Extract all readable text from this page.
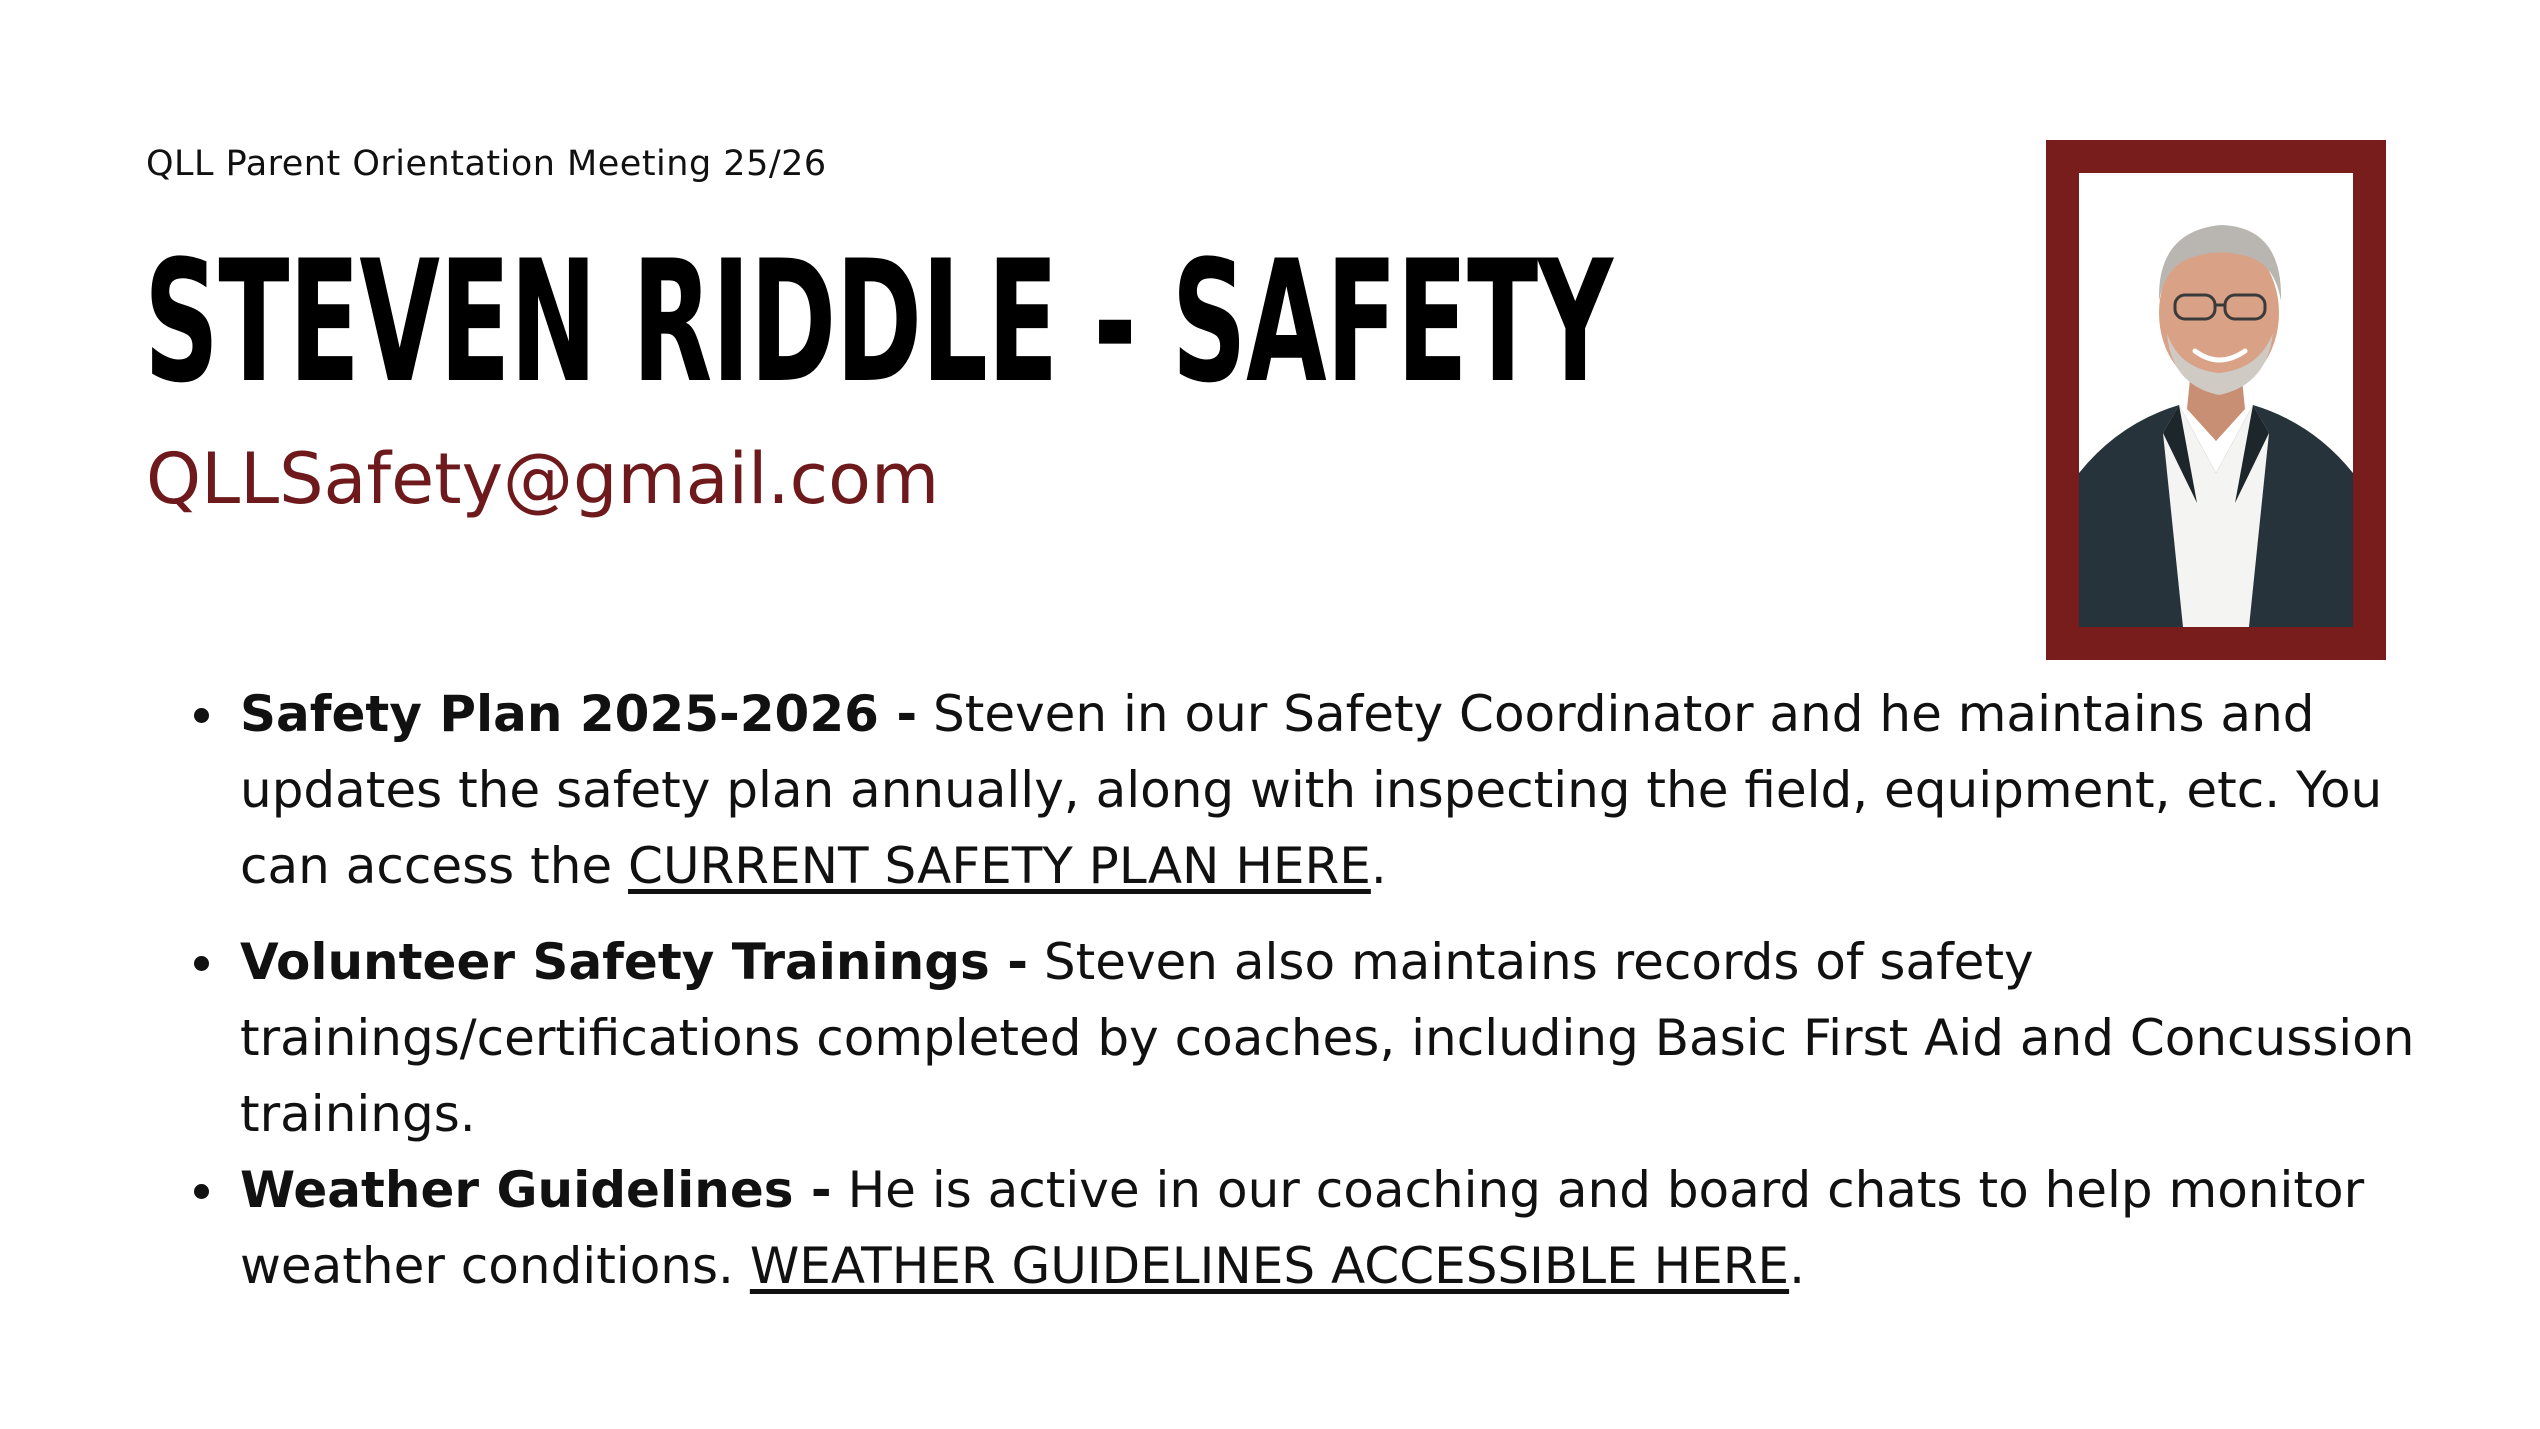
QLL Parent Orientation Meeting 25/26
STEVEN RIDDLE - SAFETY
QLLSafety@gmail.com
Safety Plan 2025-2026 - Steven in our Safety Coordinator and he maintains and updates the safety plan annually, along with inspecting the field, equipment, etc. You can access the CURRENT SAFETY PLAN HERE.
Volunteer Safety Trainings - Steven also maintains records of safety trainings/certifications completed by coaches, including Basic First Aid and Concussion trainings.
Weather Guidelines - He is active in our coaching and board chats to help monitor weather conditions. WEATHER GUIDELINES ACCESSIBLE HERE.
